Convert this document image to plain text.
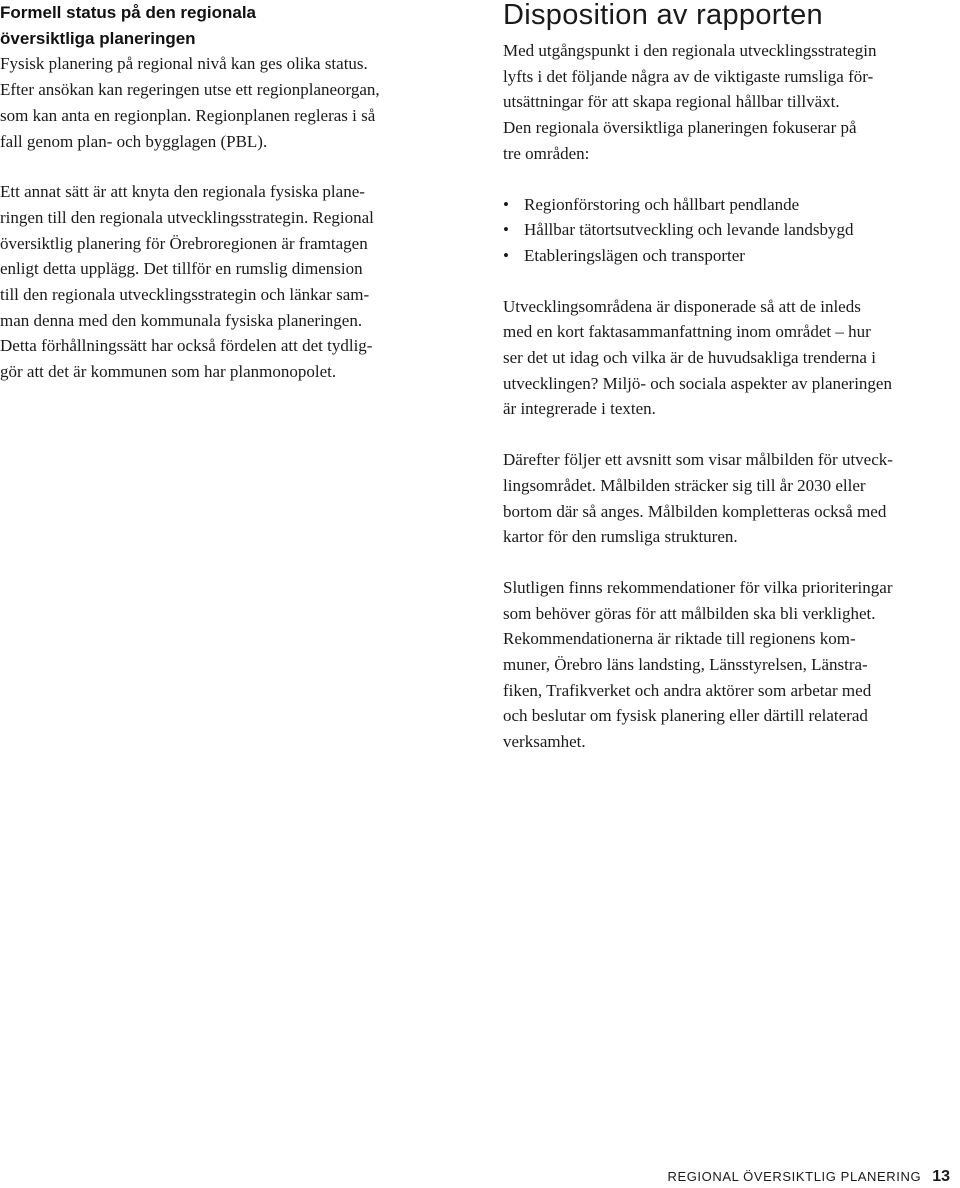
Formell status på den regionala
översiktliga planeringen

Fysisk planering på regional nivå kan ges olika status.
Efter ansökan kan regeringen utse ett regionplaneorgan,
som kan anta en regionplan. Regionplanen regleras i så
fall genom plan- och bygglagen (PBL).

Ett annat sätt är att knyta den regionala fysiska plane-
ringen till den regionala utvecklingsstrategin. Regional
översiktlig planering för Örebroregionen är framtagen
enligt detta upplägg. Det tillför en rumslig dimension
till den regionala utvecklingsstrategin och länkar sam-
man denna med den kommunala fysiska planeringen.
Detta förhållningssätt har också fördelen att det tydlig-
gör att det är kommunen som har planmonopolet.

Disposition av rapporten

Med utgångspunkt i den regionala utvecklingsstrategin
lyfts i det följande några av de viktigaste rumsliga för-
utsättningar för att skapa regional hållbar tillväxt.
Den regionala översiktliga planeringen fokuserar på
tre områden:

• Regionförstoring och hållbart pendlande
• Hållbar tätortsutveckling och levande landsbygd
• Etableringslägen och transporter

Utvecklingsområdena är disponerade så att de inleds
med en kort faktasammanfattning inom området – hur
ser det ut idag och vilka är de huvudsakliga trenderna i
utvecklingen? Miljö- och sociala aspekter av planeringen
är integrerade i texten.

Därefter följer ett avsnitt som visar målbilden för utveck-
lingsområdet. Målbilden sträcker sig till år 2030 eller
bortom där så anges. Målbilden kompletteras också med
kartor för den rumsliga strukturen.

Slutligen finns rekommendationer för vilka prioriteringar
som behöver göras för att målbilden ska bli verklighet.
Rekommendationerna är riktade till regionens kom-
muner, Örebro läns landsting, Länsstyrelsen, Länstra-
fiken, Trafikverket och andra aktörer som arbetar med
och beslutar om fysisk planering eller därtill relaterad
verksamhet.

REGIONAL ÖVERSIKTLIG PLANERING 13
